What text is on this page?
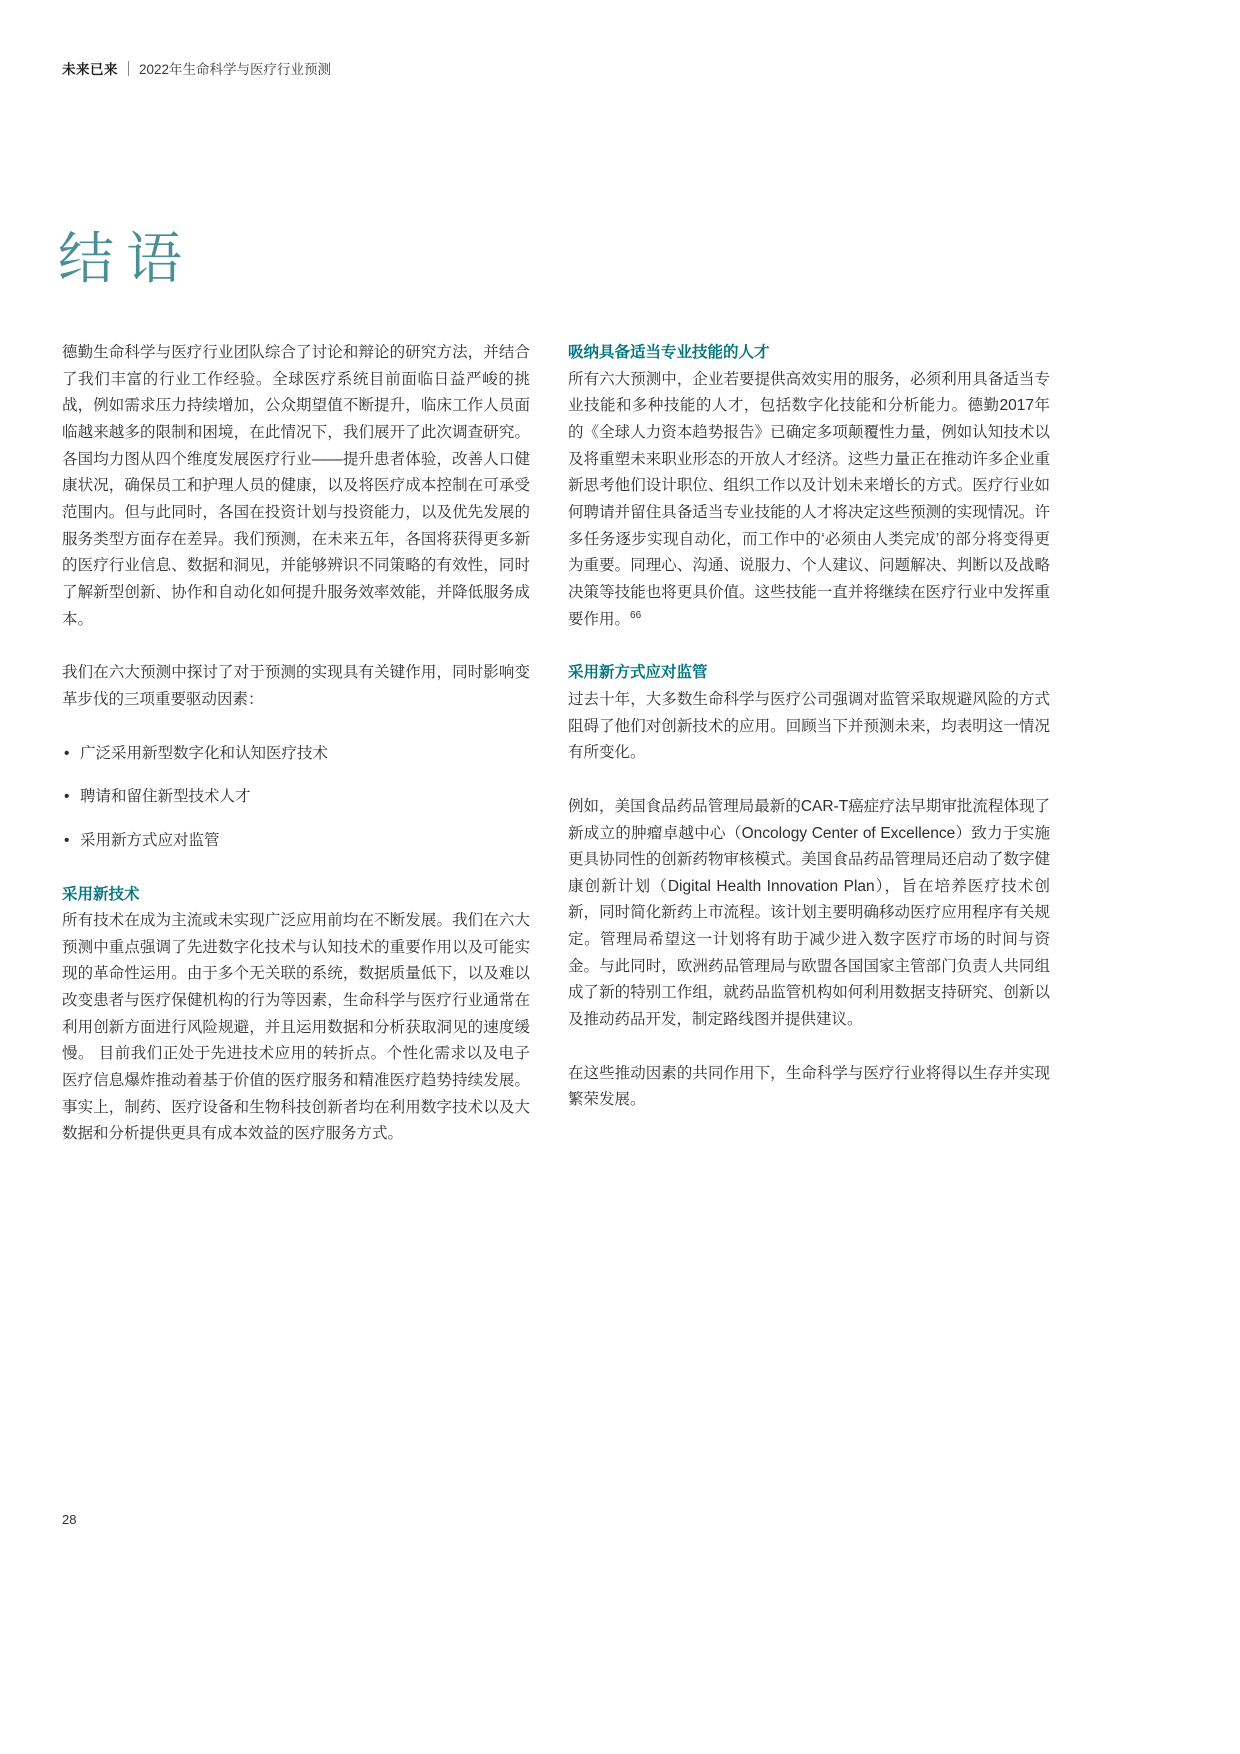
未来已来 2022年生命科学与医疗行业预测
结语

德勤生命科学与医疗行业团队综合了讨论和辩论的研究方法，并结合了我们丰富的行业工作经验。全球医疗系统目前面临日益严峻的挑战，例如需求压力持续增加，公众期望值不断提升，临床工作人员面临越来越多的限制和困境，在此情况下，我们展开了此次调查研究。各国均力图从四个维度发展医疗行业——提升患者体验，改善人口健康状况，确保员工和护理人员的健康，以及将医疗成本控制在可承受范围内。但与此同时，各国在投资计划与投资能力，以及优先发展的服务类型方面存在差异。我们预测，在未来五年，各国将获得更多新的医疗行业信息、数据和洞见，并能够辨识不同策略的有效性，同时了解新型创新、协作和自动化如何提升服务效率效能，并降低服务成本。

我们在六大预测中探讨了对于预测的实现具有关键作用，同时影响变革步伐的三项重要驱动因素：

• 广泛采用新型数字化和认知医疗技术
• 聘请和留住新型技术人才
• 采用新方式应对监管
采用新技术

所有技术在成为主流或未实现广泛应用前均在不断发展。我们在六大预测中重点强调了先进数字化技术与认知技术的重要作用以及可能实现的革命性运用。由于多个无关联的系统，数据质量低下，以及难以改变患者与医疗保健机构的行为等因素，生命科学与医疗行业通常在利用创新方面进行风险规避，并且运用数据和分析获取洞见的速度缓慢。 目前我们正处于先进技术应用的转折点。个性化需求以及电子医疗信息爆炸推动着基于价值的医疗服务和精准医疗趋势持续发展。事实上，制药、医疗设备和生物科技创新者均在利用数字技术以及大数据和分析提供更具有成本效益的医疗服务方式。

吸纳具备适当专业技能的人才

所有六大预测中，企业若要提供高效实用的服务，必须利用具备适当专业技能和多种技能的人才，包括数字化技能和分析能力。德勤2017年的《全球人力资本趋势报告》已确定多项颠覆性力量，例如认知技术以及将重塑未来职业形态的开放人才经济。这些力量正在推动许多企业重新思考他们设计职位、组织工作以及计划未来增长的方式。医疗行业如何聘请并留住具备适当专业技能的人才将决定这些预测的实现情况。许多任务逐步实现自动化，而工作中的‘必须由人类完成’的部分将变得更为重要。同理心、沟通、说服力、个人建议、问题解决、判断以及战略决策等技能也将更具价值。这些技能一直并将继续在医疗行业中发挥重要作用。$^{66}$

采用新方式应对监管

过去十年，大多数生命科学与医疗公司强调对监管采取规避风险的方式阻碍了他们对创新技术的应用。回顾当下并预测未来，均表明这一情况有所变化。

例如，美国食品药品管理局最新的CAR-T癌症疗法早期审批流程体现了新成立的肿瘤卓越中心（Oncology Center of Excellence）致力于实施更具协同性的创新药物审核模式。美国食品药品管理局还启动了数字健康创新计划（Digital Health Innovation Plan），旨在培养医疗技术创新，同时简化新药上市流程。该计划主要明确移动医疗应用程序有关规定。管理局希望这一计划将有助于减少进入数字医疗市场的时间与资金。与此同时，欧洲药品管理局与欧盟各国国家主管部门负责人共同组成了新的特别工作组，就药品监管机构如何利用数据支持研究、创新以及推动药品开发，制定路线图并提供建议。

在这些推动因素的共同作用下，生命科学与医疗行业将得以生存并实现繁荣发展。

28
